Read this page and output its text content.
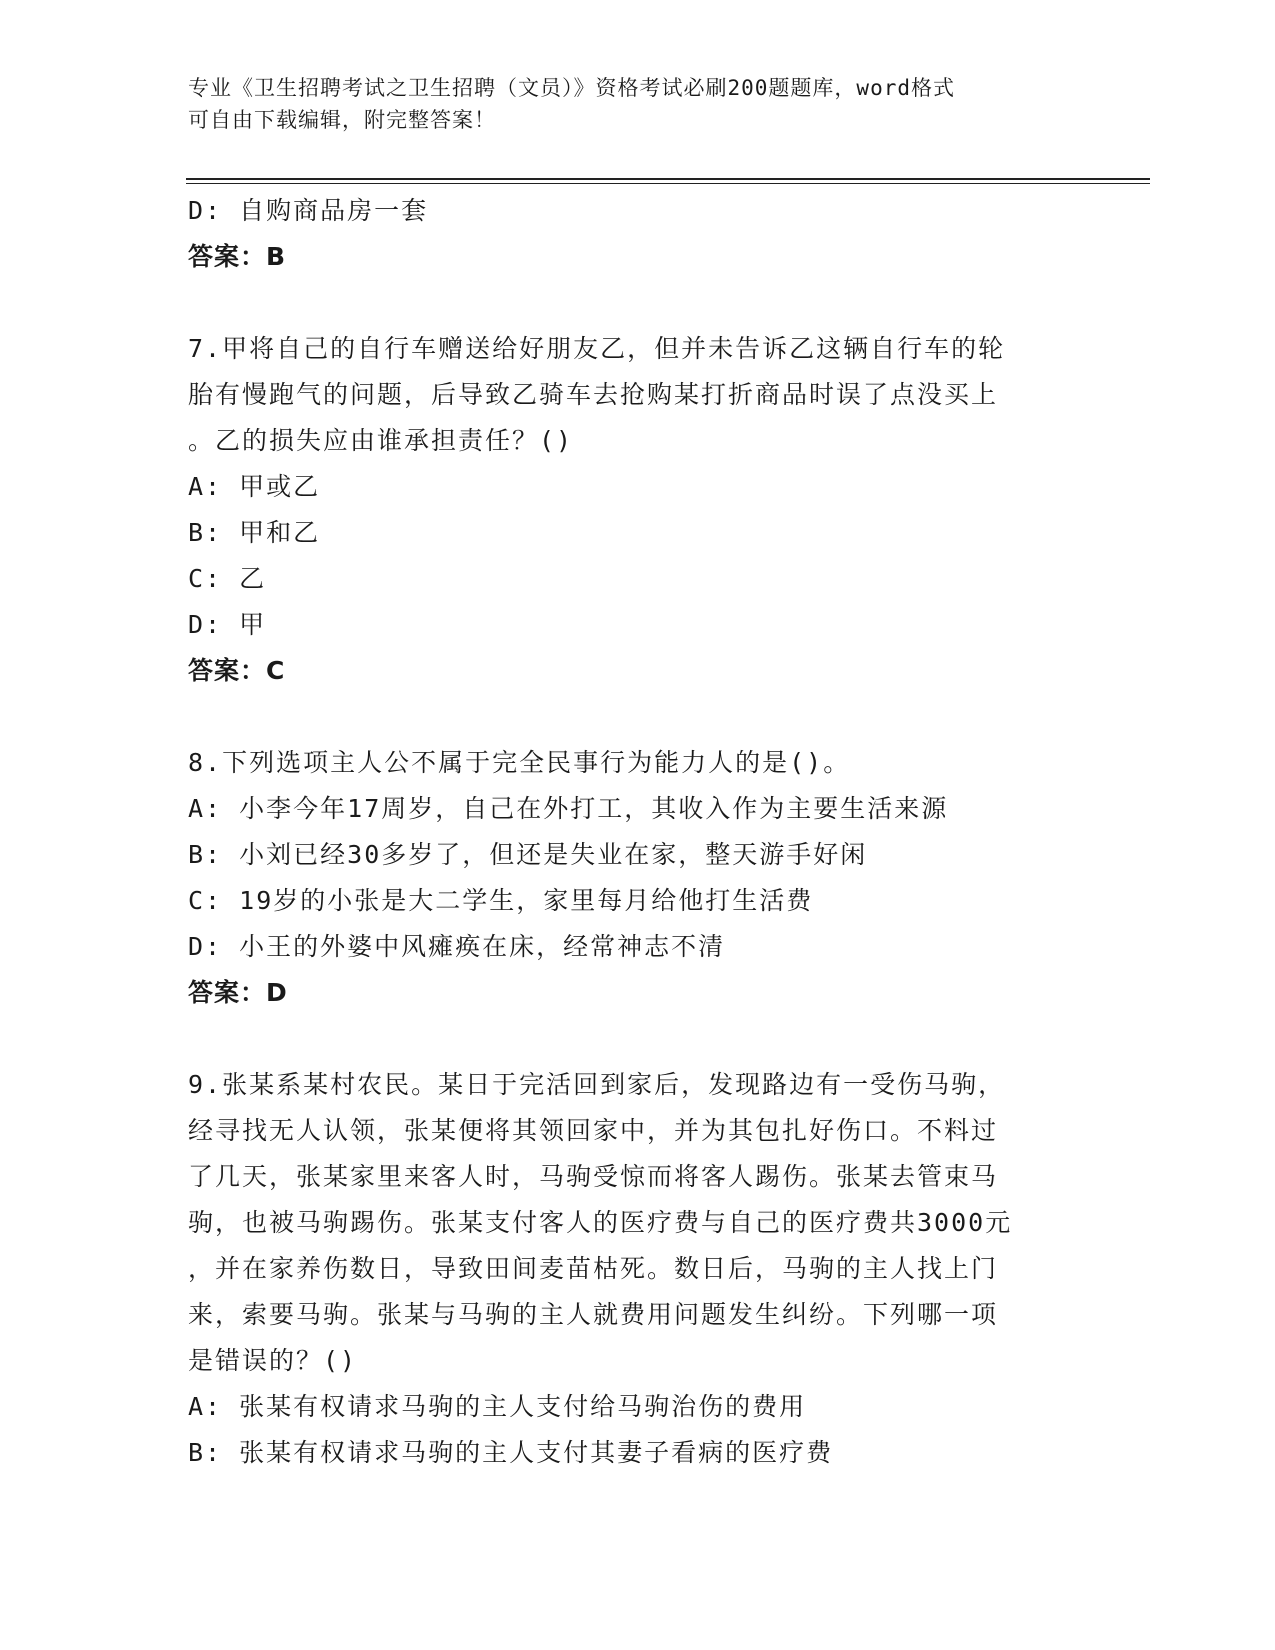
专业《卫生招聘考试之卫生招聘（文员）》资格考试必刷200题题库，word格式
可自由下载编辑，附完整答案！
D: 自购商品房一套
答案：B
7.甲将自己的自行车赠送给好朋友乙，但并未告诉乙这辆自行车的轮
胎有慢跑气的问题，后导致乙骑车去抢购某打折商品时误了点没买上
。乙的损失应由谁承担责任？()
A: 甲或乙
B: 甲和乙
C: 乙
D: 甲
答案：C
8.下列选项主人公不属于完全民事行为能力人的是()。
A: 小李今年17周岁，自己在外打工，其收入作为主要生活来源
B: 小刘已经30多岁了，但还是失业在家，整天游手好闲
C: 19岁的小张是大二学生，家里每月给他打生活费
D: 小王的外婆中风瘫痪在床，经常神志不清
答案：D
9.张某系某村农民。某日于完活回到家后，发现路边有一受伤马驹，
经寻找无人认领，张某便将其领回家中，并为其包扎好伤口。不料过
了几天，张某家里来客人时，马驹受惊而将客人踢伤。张某去管束马
驹，也被马驹踢伤。张某支付客人的医疗费与自己的医疗费共3000元
，并在家养伤数日，导致田间麦苗枯死。数日后，马驹的主人找上门
来，索要马驹。张某与马驹的主人就费用问题发生纠纷。下列哪一项
是错误的？()
A: 张某有权请求马驹的主人支付给马驹治伤的费用
B: 张某有权请求马驹的主人支付其妻子看病的医疗费
